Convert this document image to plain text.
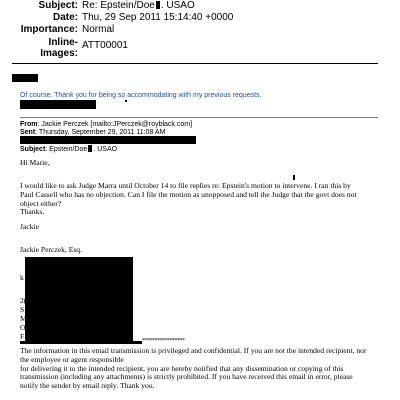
Subject: Re: Epstein/Doe . USAO
Date: Thu, 29 Sep 2011 15:14:40 +0000
Importance: Normal
Inline-
Images:
ATT00001
Of course. Thank you for being so accommodating with my previous requests.
From: Jackie Perczek [mailto:JPerczek@royblack.com]
Sent: Thursday, September 29, 2011 11:08 AM
Subject: Epstein/Doe . USAO
Hi Marie,
I would like to ask Judge Marra until October 14 to file replies re: Epstein's motion to intervene. I ran this by
Paul Cassell who has no objection. Can I file the motion as unopposed and tell the Judge that the govt does not
object either?
Thanks,
Jackie
Jackie Perczek, Esq.
k
2(
S
M
O
F	*****************
The information in this email transmission is privileged and confidential. If you are not the intended recipient, nor
the employee or agent responsible
for delivering it to the intended recipient, you are hereby notified that any dissemination or copying of this
transmission (including any attachments) is strictly prohibited. If you have received this email in error, please
notify the sender by email reply. Thank you.
